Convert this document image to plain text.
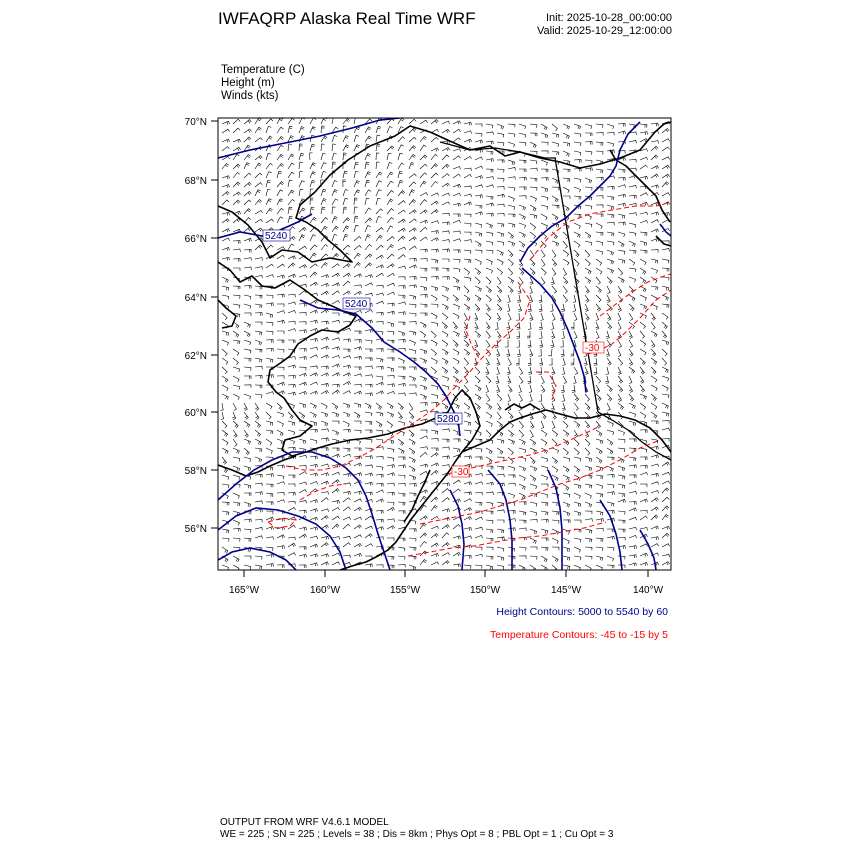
IWFAQRP Alaska Real Time WRF	Init: 2025-10-28_00:00:00
Valid: 2025-10-29_12:00:00
Temperature (C)
Height (m)
Winds (kts)
5240
5240
5280
-30
-30
70°N
68°N
66°N
64°N
62°N
60°N
58°N
56°N
165°W	160°W	155°W	150°W	145°W	140°W
Height Contours: 5000 to 5540 by 60
Temperature Contours: -45 to -15 by 5
OUTPUT FROM WRF V4.6.1 MODEL
WE = 225 ; SN = 225 ; Levels = 38 ; Dis = 8km ; Phys Opt = 8 ; PBL Opt = 1 ; Cu Opt = 3
